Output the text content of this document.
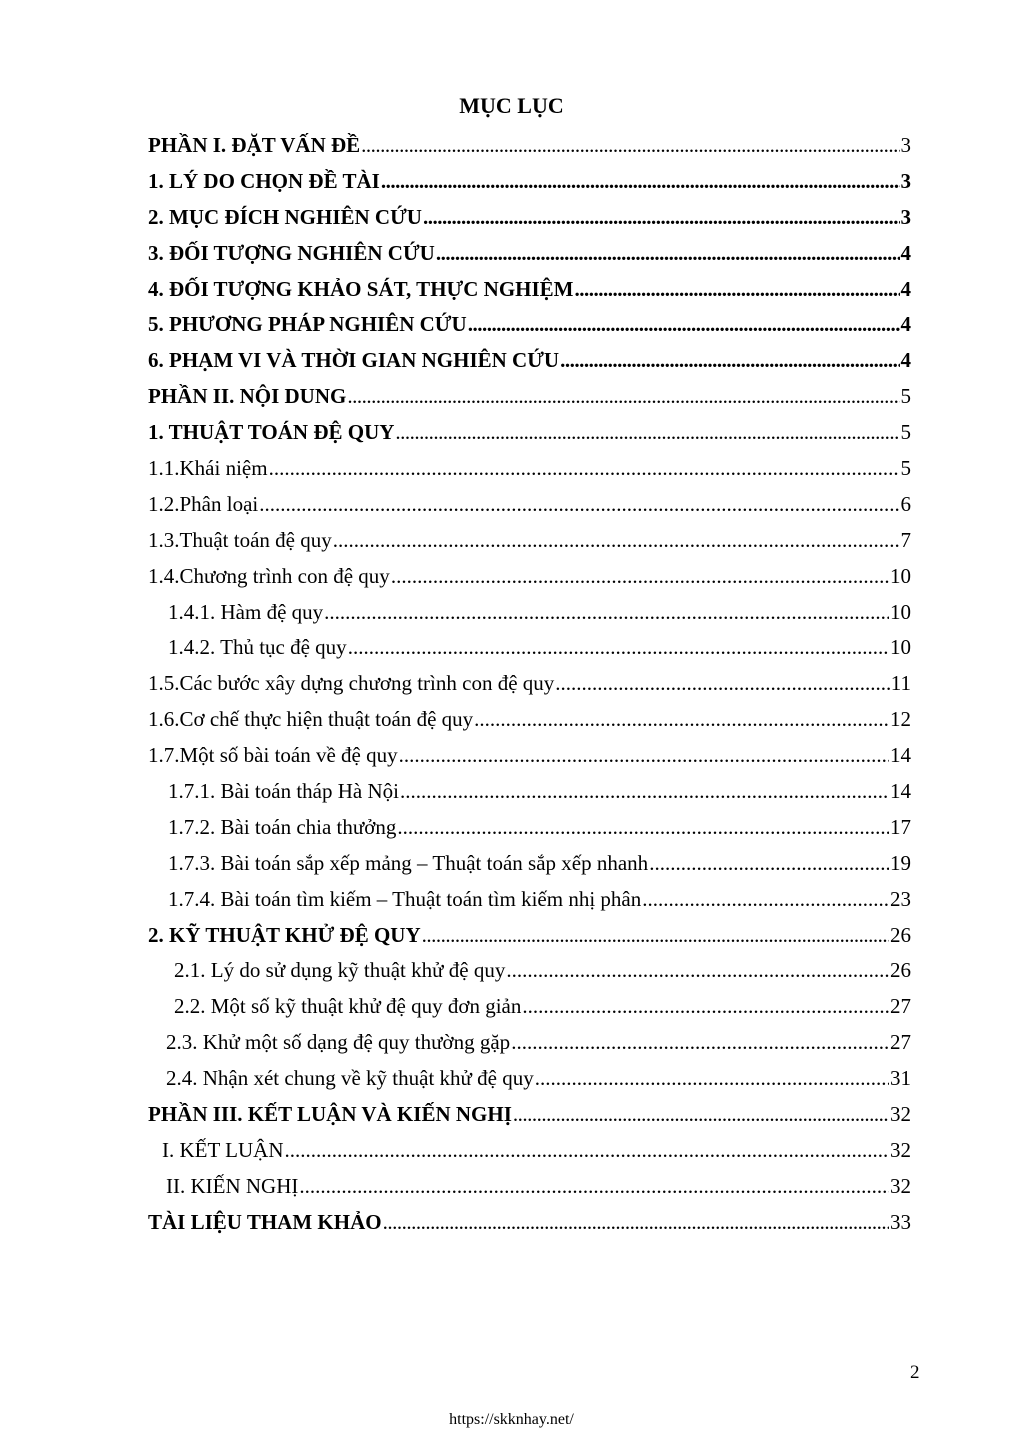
MỤC LỤC
PHẦN I. ĐẶT VẤN ĐỀ .....	3
1. LÝ DO CHỌN ĐỀ TÀI .....	3
2. MỤC ĐÍCH NGHIÊN CỨU .....	3
3. ĐỐI TƯỢNG NGHIÊN CỨU .....	4
4. ĐỐI TƯỢNG KHẢO SÁT, THỰC NGHIỆM .....	4
5. PHƯƠNG PHÁP NGHIÊN CỨU .....	4
6. PHẠM VI VÀ THỜI GIAN NGHIÊN CỨU .....	4
PHẦN II. NỘI DUNG .....	5
1. THUẬT TOÁN ĐỆ QUY .....	5
1.1. Khái niệm .....	5
1.2. Phân loại .....	6
1.3. Thuật toán đệ quy .....	7
1.4. Chương trình con đệ quy .....	10
1.4.1. Hàm đệ quy .....	10
1.4.2. Thủ tục đệ quy .....	10
1.5. Các bước xây dựng chương trình con đệ quy .....	11
1.6. Cơ chế thực hiện thuật toán đệ quy .....	12
1.7. Một số bài toán về đệ quy .....	14
1.7.1. Bài toán tháp Hà Nội .....	14
1.7.2. Bài toán chia thưởng .....	17
1.7.3. Bài toán sắp xếp mảng – Thuật toán sắp xếp nhanh .....	19
1.7.4. Bài toán tìm kiếm – Thuật toán tìm kiếm nhị phân .....	23
2. KỸ THUẬT KHỬ ĐỆ QUY .....	26
2.1. Lý do sử dụng kỹ thuật khử đệ quy .....	26
2.2. Một số kỹ thuật khử đệ quy đơn giản .....	27
2.3. Khử một số dạng đệ quy thường gặp .....	27
2.4. Nhận xét chung về kỹ thuật khử đệ quy .....	31
PHẦN III. KẾT LUẬN VÀ KIẾN NGHỊ .....	32
I. KẾT LUẬN .....	32
II. KIẾN NGHỊ .....	32
TÀI LIỆU THAM KHẢO .....	33
2
https://skknhay.net/
